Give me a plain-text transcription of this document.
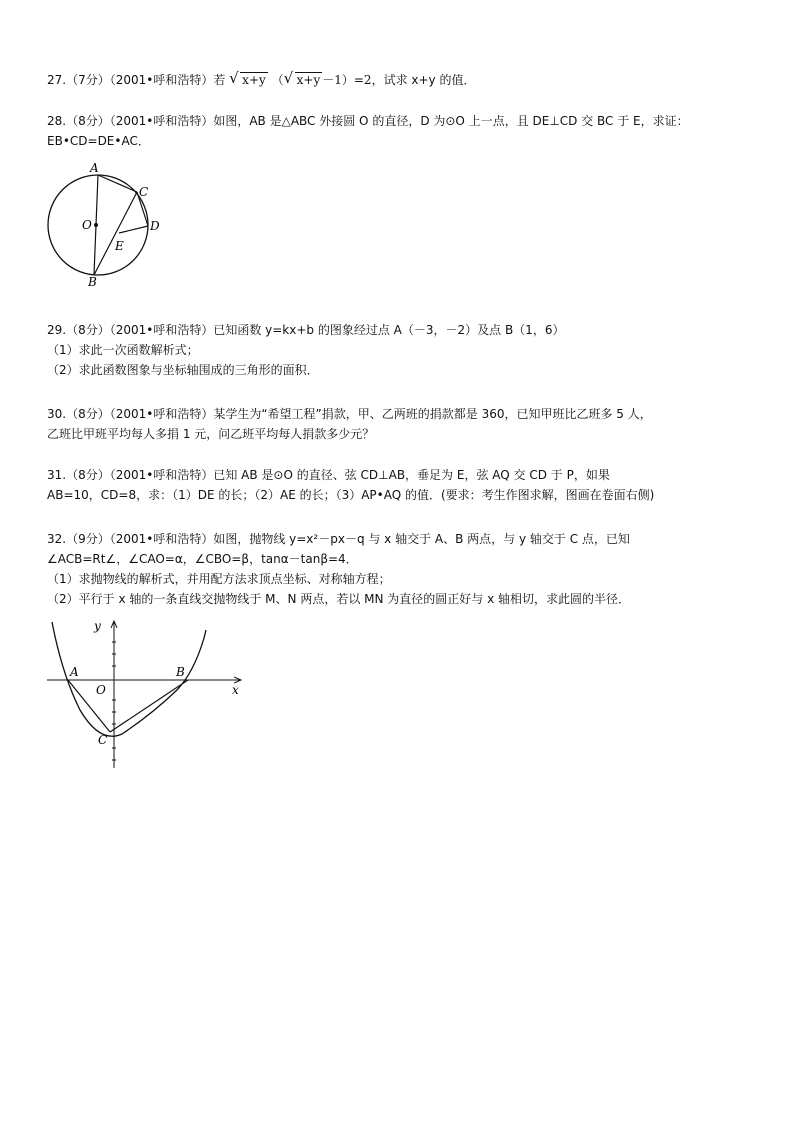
27.（7分）（2001•呼和浩特）若 √ x+y （ √ x+y －1）=2，试求 x+y 的值．
28.（8分）（2001•呼和浩特）如图，AB 是△ABC 外接圆 O 的直径，D 为⊙O 上一点，且 DE⊥CD 交 BC 于 E，求证：
EB•CD=DE•AC．
A
C
O	D
E
B
29.（8分）（2001•呼和浩特）已知函数 y=kx+b 的图象经过点 A（－3，－2）及点 B（1，6）
（1）求此一次函数解析式；
（2）求此函数图象与坐标轴围成的三角形的面积．
30.（8分）（2001•呼和浩特）某学生为“希望工程”捐款，甲、乙两班的捐款都是 360，已知甲班比乙班多 5 人，
乙班比甲班平均每人多捐 1 元，问乙班平均每人捐款多少元？
31.（8分）（2001•呼和浩特）已知 AB 是⊙O 的直径、弦 CD⊥AB，垂足为 E，弦 AQ 交 CD 于 P，如果
AB=10，CD=8，求：（1）DE 的长；（2）AE 的长；（3）AP•AQ 的值．(要求：考生作图求解，图画在卷面右侧)
32.（9分）（2001•呼和浩特）如图，抛物线 y=x²－px－q 与 x 轴交于 A、B 两点，与 y 轴交于 C 点，已知
∠ACB=Rt∠，∠CAO=α，∠CBO=β，tanα－tanβ=4．
（1）求抛物线的解析式，并用配方法求顶点坐标、对称轴方程；
（2）平行于 x 轴的一条直线交抛物线于 M、N 两点，若以 MN 为直径的圆正好与 x 轴相切，求此圆的半径．
y
A	B
x
O
C
